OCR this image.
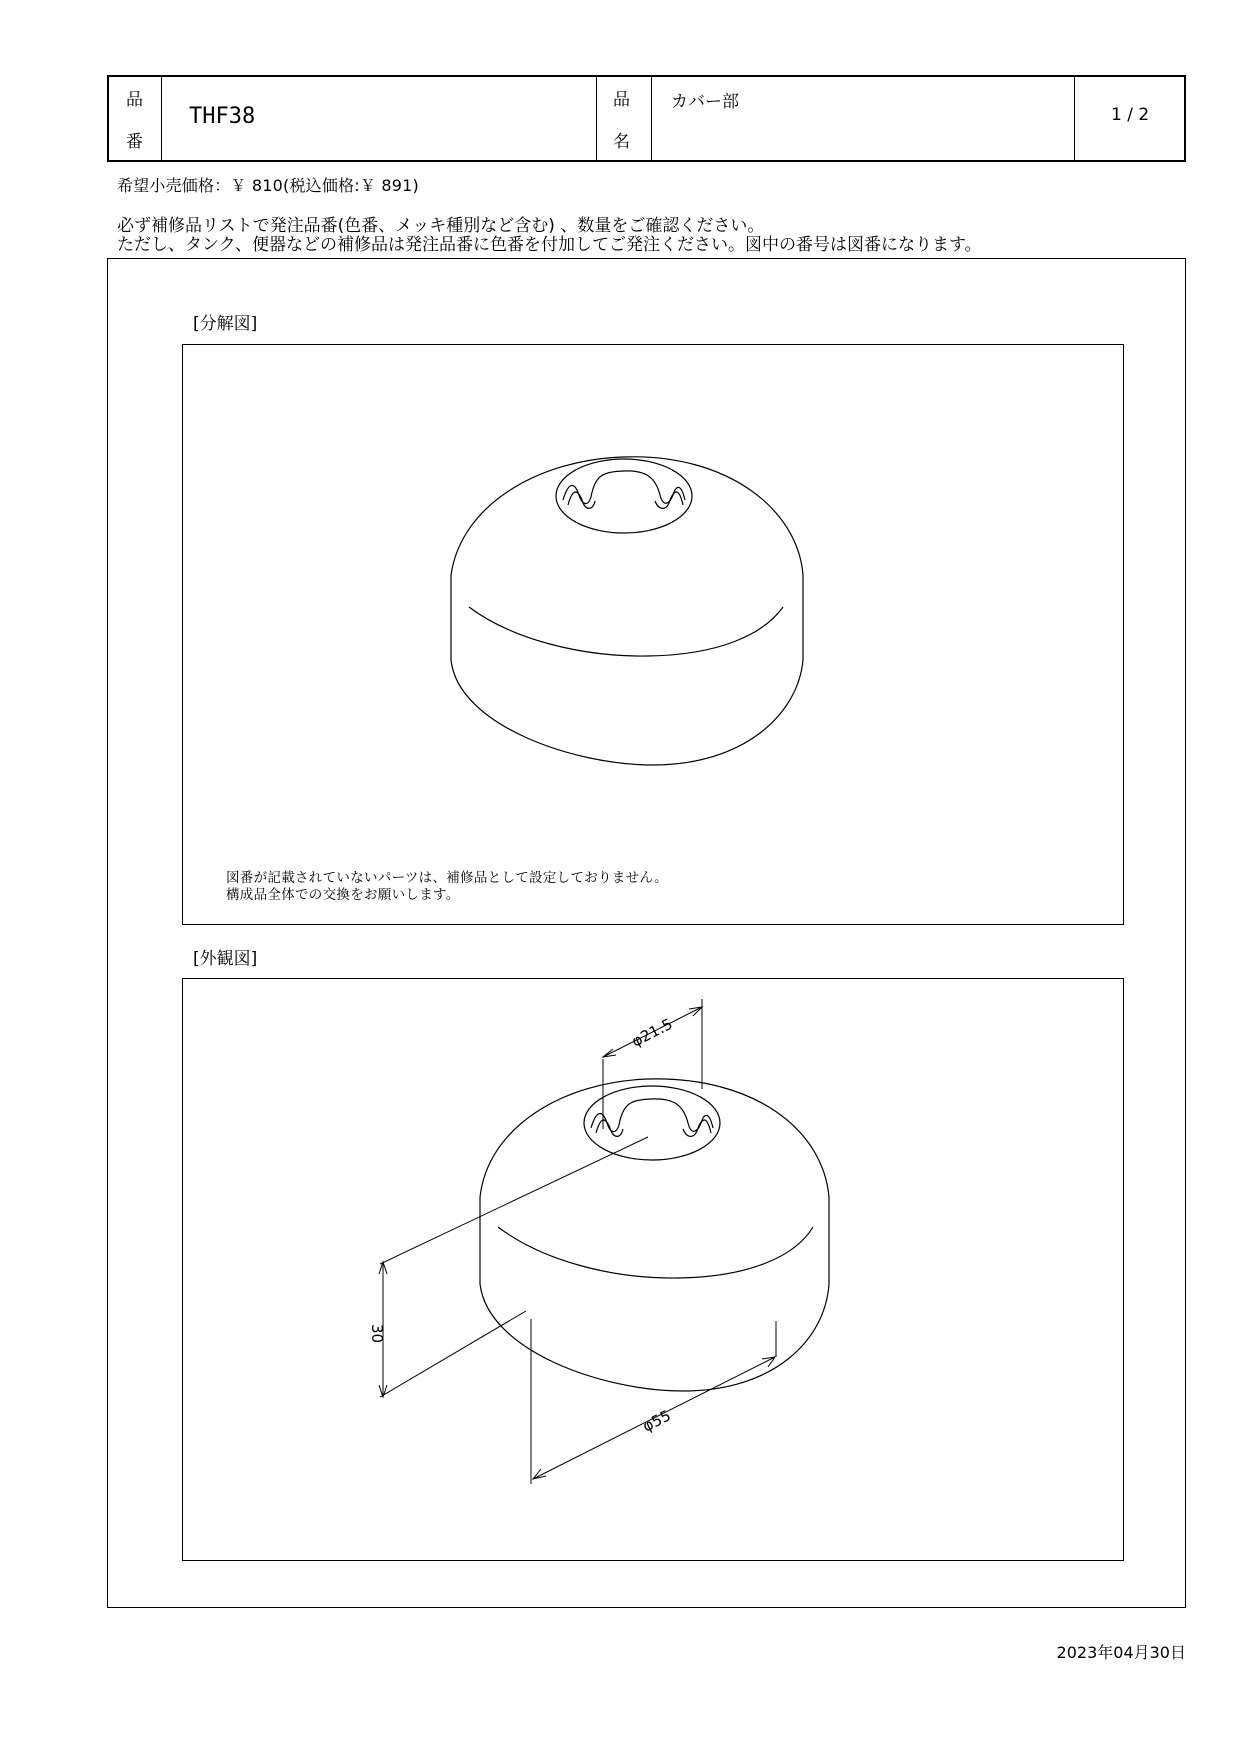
品
番
THF38
品
名
カバー部
1 / 2
希望小売価格：￥ 810(税込価格:￥ 891)
必ず補修品リストで発注品番(色番、メッキ種別など含む) 、数量をご確認ください。
ただし、タンク、便器などの補修品は発注品番に色番を付加してご発注ください。図中の番号は図番になります。
[分解図]
図番が記載されていないパーツは、補修品として設定しておりません。
構成品全体での交換をお願いします。
[外観図]
φ21.5
30
φ55
2023年04月30日
